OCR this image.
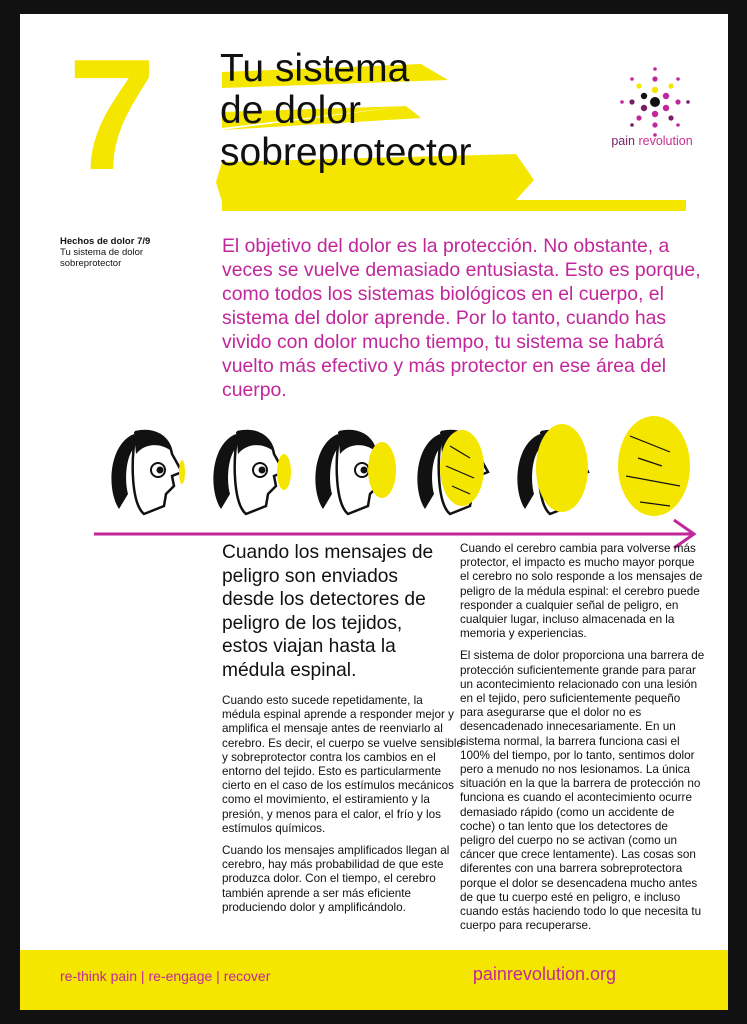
7 Tu sistema
de dolor
sobreprotector	pain revolution
Hechos de dolor 7/9
Tu sistema de dolor sobreprotector
El objetivo del dolor es la protección. No obstante, a veces se vuelve demasiado entusiasta. Esto es porque, como todos los sistemas biológicos en el cuerpo, el sistema del dolor aprende. Por lo tanto, cuando has vivido con dolor mucho tiempo, tu sistema se habrá vuelto más efectivo y más protector en ese área del cuerpo.
Cuando los mensajes de peligro son enviados desde los detectores de peligro de los tejidos, estos viajan hasta la médula espinal.

Cuando esto sucede repetidamente, la médula espinal aprende a responder mejor y amplifica el mensaje antes de reenviarlo al cerebro. Es decir, el cuerpo se vuelve sensible y sobreprotector contra los cambios en el entorno del tejido. Esto es particularmente cierto en el caso de los estímulos mecánicos como el movimiento, el estiramiento y la presión, y menos para el calor, el frío y los estímulos químicos.

Cuando los mensajes amplificados llegan al cerebro, hay más probabilidad de que este produzca dolor. Con el tiempo, el cerebro también aprende a ser más eficiente produciendo dolor y amplificándolo.

Cuando el cerebro cambia para volverse más protector, el impacto es mucho mayor porque el cerebro no solo responde a los mensajes de peligro de la médula espinal: el cerebro puede responder a cualquier señal de peligro, en cualquier lugar, incluso almacenada en la memoria y experiencias.

El sistema de dolor proporciona una barrera de protección suficientemente grande para parar un acontecimiento relacionado con una lesión en el tejido, pero suficientemente pequeño para asegurarse que el dolor no es desencadenado innecesariamente. En un sistema normal, la barrera funciona casi el 100% del tiempo, por lo tanto, sentimos dolor pero a menudo no nos lesionamos. La única situación en la que la barrera de protección no funciona es cuando el acontecimiento ocurre demasiado rápido (como un accidente de coche) o tan lento que los detectores de peligro del cuerpo no se activan (como un cáncer que crece lentamente). Las cosas son diferentes con una barrera sobreprotectora porque el dolor se desencadena mucho antes de que tu cuerpo esté en peligro, e incluso cuando estás haciendo todo lo que necesita tu cuerpo para recuperarse.

re-think pain | re-engage | recover	painrevolution.org
